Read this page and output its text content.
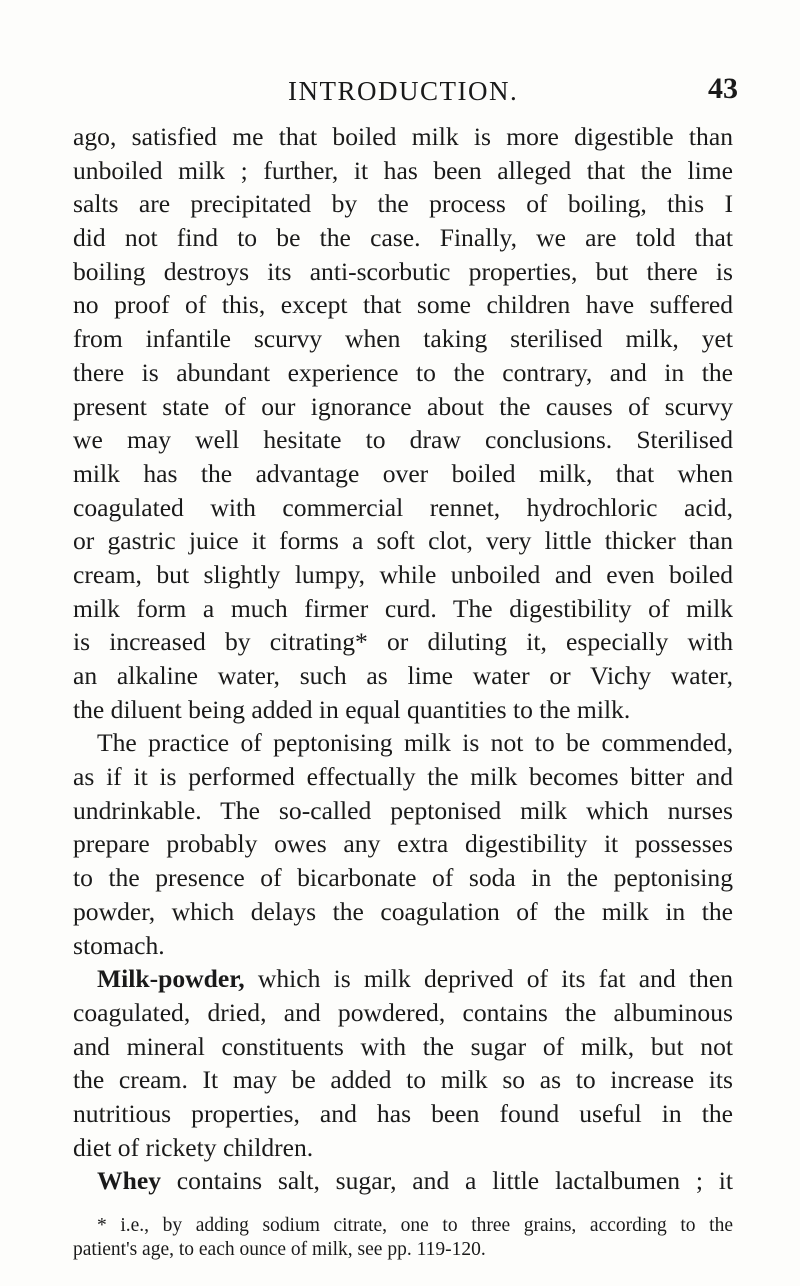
INTRODUCTION.	43
ago, satisfied me that boiled milk is more digestible than
unboiled milk ; further, it has been alleged that the lime
salts are precipitated by the process of boiling, this I
did not find to be the case. Finally, we are told that
boiling destroys its anti-scorbutic properties, but there is
no proof of this, except that some children have suffered
from infantile scurvy when taking sterilised milk, yet
there is abundant experience to the contrary, and in the
present state of our ignorance about the causes of scurvy
we may well hesitate to draw conclusions. Sterilised
milk has the advantage over boiled milk, that when
coagulated with commercial rennet, hydrochloric acid,
or gastric juice it forms a soft clot, very little thicker than
cream, but slightly lumpy, while unboiled and even boiled
milk form a much firmer curd. The digestibility of milk
is increased by citrating* or diluting it, especially with
an alkaline water, such as lime water or Vichy water,
the diluent being added in equal quantities to the milk.
The practice of peptonising milk is not to be commended,
as if it is performed effectually the milk becomes bitter and
undrinkable. The so-called peptonised milk which nurses
prepare probably owes any extra digestibility it possesses
to the presence of bicarbonate of soda in the peptonising
powder, which delays the coagulation of the milk in the
stomach.
Milk-powder, which is milk deprived of its fat and then
coagulated, dried, and powdered, contains the albuminous
and mineral constituents with the sugar of milk, but not
the cream. It may be added to milk so as to increase its
nutritious properties, and has been found useful in the
diet of rickety children.
Whey contains salt, sugar, and a little lactalbumen ; it
* i.e., by adding sodium citrate, one to three grains, according to the
patient's age, to each ounce of milk, see pp. 119-120.
